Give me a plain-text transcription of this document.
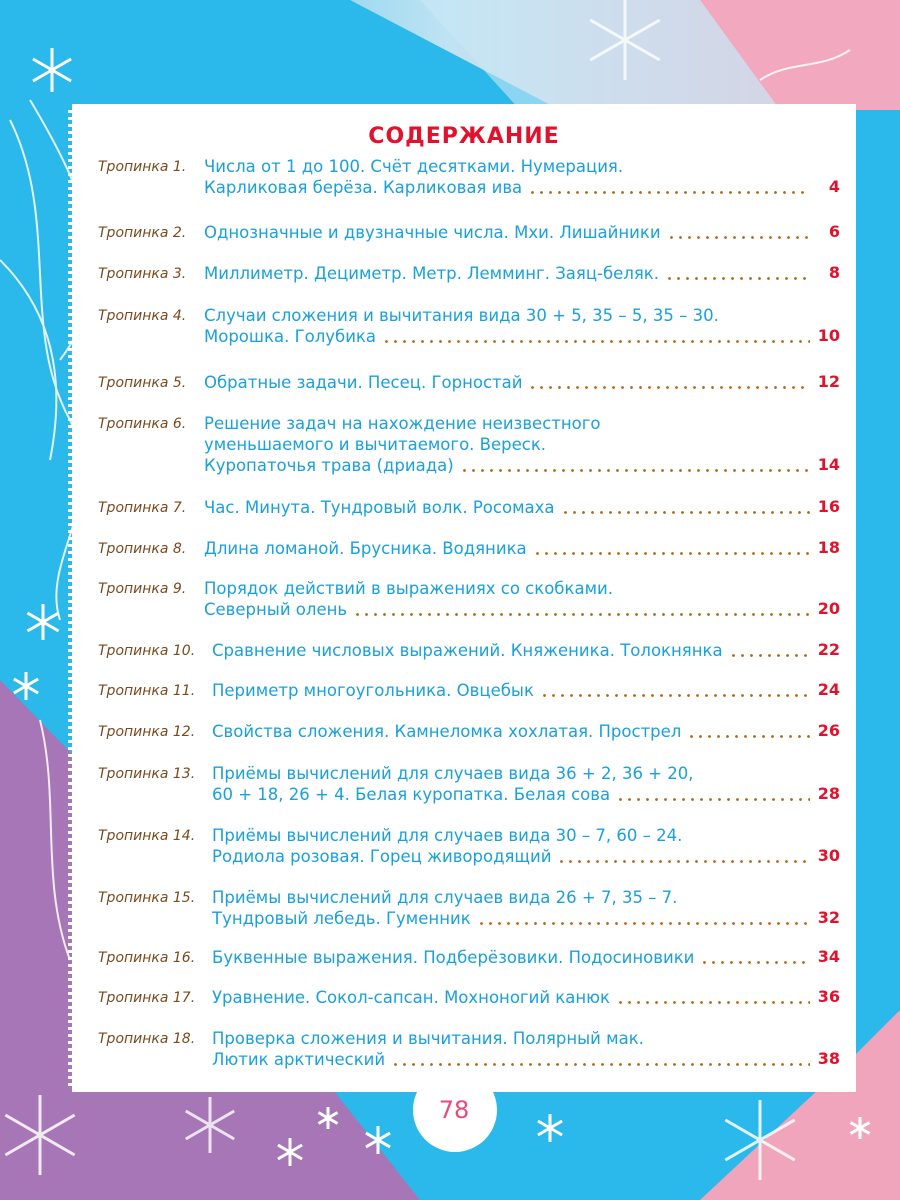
СОДЕРЖАНИЕ
Тропинка 1. Числа от 1 до 100. Счёт десятками. Нумерация.
Карликовая берёза. Карликовая ива	4
Тропинка 2. Однозначные и двузначные числа. Мхи. Лишайники	6
Тропинка 3. Миллиметр. Дециметр. Метр. Лемминг. Заяц-беляк.	8
Тропинка 4. Случаи сложения и вычитания вида 30 + 5, 35 – 5, 35 – 30.
Морошка. Голубика	10
Тропинка 5. Обратные задачи. Песец. Горностай	12
Тропинка 6. Решение задач на нахождение неизвестного
уменьшаемого и вычитаемого. Вереск.
Куропаточья трава (дриада)	14
Тропинка 7. Час. Минута. Тундровый волк. Росомаха	16
Тропинка 8. Длина ломаной. Брусника. Водяника	18
Тропинка 9. Порядок действий в выражениях со скобками.
Северный олень	20
Тропинка 10. Сравнение числовых выражений. Княженика. Толокнянка	22
Тропинка 11. Периметр многоугольника. Овцебык	24
Тропинка 12. Свойства сложения. Камнеломка хохлатая. Прострел	26
Тропинка 13. Приёмы вычислений для случаев вида 36 + 2, 36 + 20,
60 + 18, 26 + 4. Белая куропатка. Белая сова	28
Тропинка 14. Приёмы вычислений для случаев вида 30 – 7, 60 – 24.
Родиола розовая. Горец живородящий	30
Тропинка 15. Приёмы вычислений для случаев вида 26 + 7, 35 – 7.
Тундровый лебедь. Гуменник	32
Тропинка 16. Буквенные выражения. Подберёзовики. Подосиновики	34
Тропинка 17. Уравнение. Сокол-сапсан. Мохноногий канюк	36
Тропинка 18. Проверка сложения и вычитания. Полярный мак.
Лютик арктический	38
78
